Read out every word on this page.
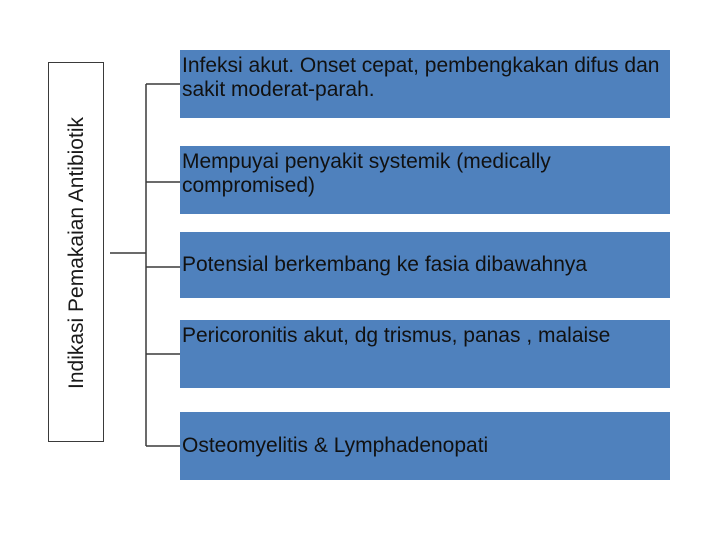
Indikasi Pemakaian Antibiotik
Infeksi akut. Onset cepat, pembengkakan difus dan sakit moderat-parah.
Mempuyai penyakit systemik (medically compromised)
Potensial berkembang ke fasia dibawahnya
Pericoronitis akut, dg trismus, panas , malaise
Osteomyelitis & Lymphadenopati
